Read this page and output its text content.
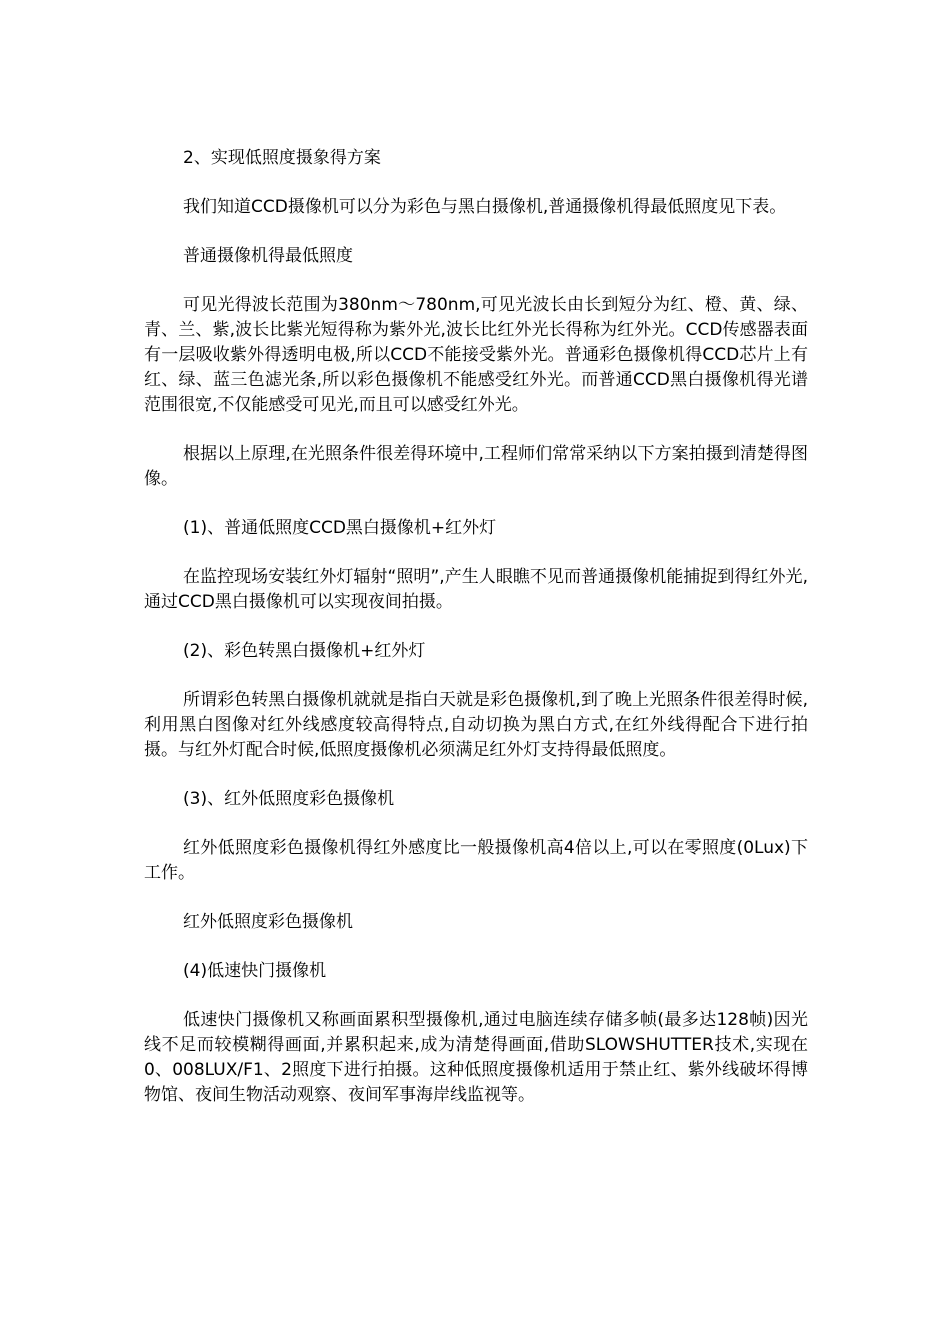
2、实现低照度摄象得方案

我们知道CCD摄像机可以分为彩色与黑白摄像机,普通摄像机得最低照度见下表。

普通摄像机得最低照度

可见光得波长范围为380nm～780nm,可见光波长由长到短分为红、橙、黄、绿、青、兰、紫,波长比紫光短得称为紫外光,波长比红外光长得称为红外光。CCD传感器表面有一层吸收紫外得透明电极,所以CCD不能接受紫外光。普通彩色摄像机得CCD芯片上有红、绿、蓝三色滤光条,所以彩色摄像机不能感受红外光。而普通CCD黑白摄像机得光谱范围很宽,不仅能感受可见光,而且可以感受红外光。

根据以上原理,在光照条件很差得环境中,工程师们常常采纳以下方案拍摄到清楚得图像。

(1)、普通低照度CCD黑白摄像机+红外灯

在监控现场安装红外灯辐射“照明”,产生人眼瞧不见而普通摄像机能捕捉到得红外光,通过CCD黑白摄像机可以实现夜间拍摄。

(2)、彩色转黑白摄像机+红外灯

所谓彩色转黑白摄像机就就是指白天就是彩色摄像机,到了晚上光照条件很差得时候,利用黑白图像对红外线感度较高得特点,自动切换为黑白方式,在红外线得配合下进行拍摄。与红外灯配合时候,低照度摄像机必须满足红外灯支持得最低照度。

(3)、红外低照度彩色摄像机

红外低照度彩色摄像机得红外感度比一般摄像机高4倍以上,可以在零照度(0Lux)下工作。

红外低照度彩色摄像机

(4)低速快门摄像机

低速快门摄像机又称画面累积型摄像机,通过电脑连续存储多帧(最多达128帧)因光线不足而较模糊得画面,并累积起来,成为清楚得画面,借助SLOWSHUTTER技术,实现在0、008LUX/F1、2照度下进行拍摄。这种低照度摄像机适用于禁止红、紫外线破坏得博物馆、夜间生物活动观察、夜间军事海岸线监视等。
